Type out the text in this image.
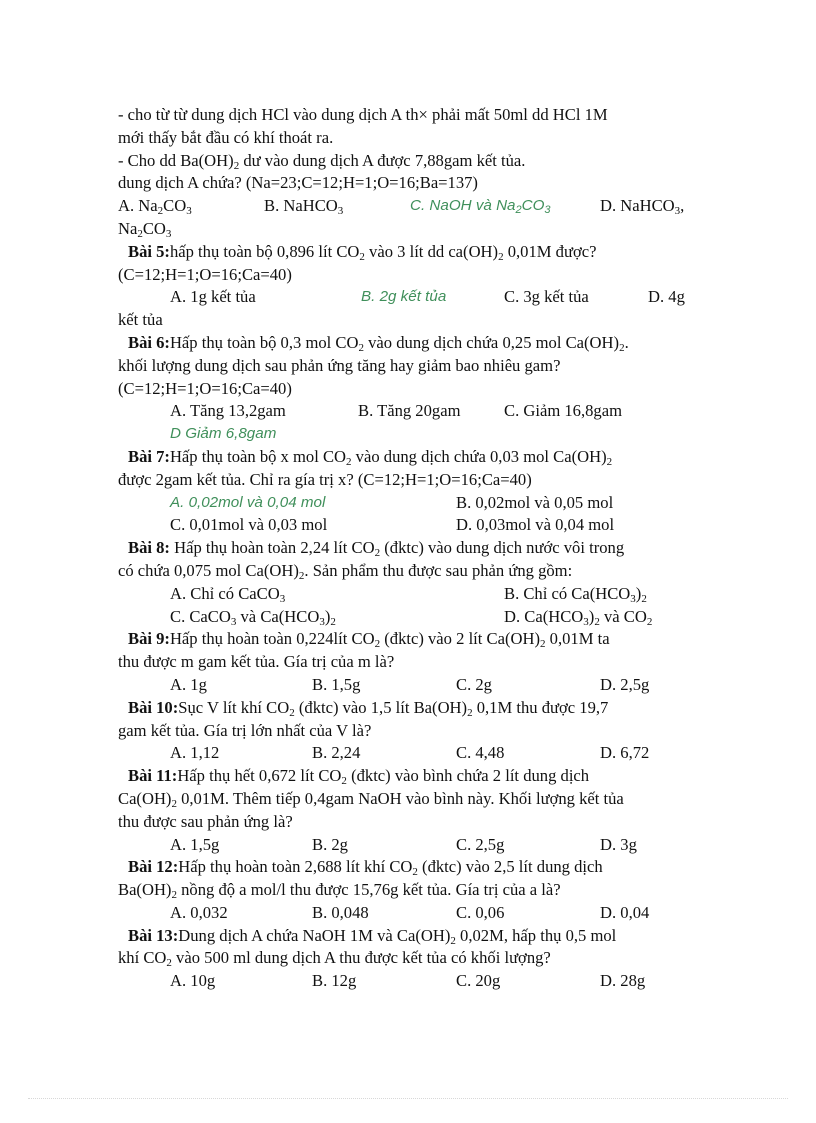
- cho từ từ dung dịch HCl vào dung dịch A th× phải mất 50ml dd HCl 1M
mới thấy bắt đầu có khí thoát ra.
- Cho dd $Ba(OH)_2$ dư vào dung dịch A được 7,88gam kết tủa.
dung dịch A chứa? (Na=23;C=12;H=1;O=16;Ba=137)
A. $Na_2CO_3$	B. NaHCO$_3$	C. NaOH và $Na_2CO_3$	D. NaHCO$_3$,
$Na_2CO_3$
Bài 5:hấp thụ toàn bộ 0,896 lít $CO_2$ vào 3 lít dd $ca(OH)_2$ 0,01M được?
(C=12;H=1;O=16;Ca=40)
A. 1g kết tủa	B. 2g kết tủa	C. 3g kết tủa	D. 4g
kết tủa
Bài 6:Hấp thụ toàn bộ 0,3 mol $CO_2$ vào dung dịch chứa 0,25 mol $Ca(OH)_2$.
khối lượng dung dịch sau phản ứng tăng hay giảm bao nhiêu gam?
(C=12;H=1;O=16;Ca=40)
A. Tăng 13,2gam	B. Tăng 20gam	C. Giảm 16,8gam
D Giảm 6,8gam
Bài 7:Hấp thụ toàn bộ x mol $CO_2$ vào dung dịch chứa 0,03 mol $Ca(OH)_2$
được 2gam kết tủa. Chỉ ra gía trị x? (C=12;H=1;O=16;Ca=40)
A. 0,02mol và 0,04 mol	B. 0,02mol và 0,05 mol
C. 0,01mol và 0,03 mol	D. 0,03mol và 0,04 mol
Bài 8: Hấp thụ hoàn toàn 2,24 lít $CO_2$ (đktc) vào dung dịch nước vôi trong
có chứa 0,075 mol $Ca(OH)_2$. Sản phẩm thu được sau phản ứng gồm:
A. Chỉ có CaCO$_3$	B. Chỉ có $Ca(HCO_3)_2$
C. CaCO$_3$ và $Ca(HCO_3)_2$	D. $Ca(HCO_3)_2$ và $CO_2$
Bài 9:Hấp thụ hoàn toàn 0,224lít $CO_2$ (đktc) vào 2 lít $Ca(OH)_2$ 0,01M ta
thu được m gam kết tủa. Gía trị của m là?
A. 1g	B. 1,5g	C. 2g	D. 2,5g
Bài 10:Sục V lít khí $CO_2$ (đktc) vào 1,5 lít $Ba(OH)_2$ 0,1M thu được 19,7
gam kết tủa. Gía trị lớn nhất của V là?
A. 1,12	B. 2,24	C. 4,48	D. 6,72
Bài 11:Hấp thụ hết 0,672 lít $CO_2$ (đktc) vào bình chứa 2 lít dung dịch
$Ca(OH)_2$ 0,01M. Thêm tiếp 0,4gam NaOH vào bình này. Khối lượng kết tủa
thu được sau phản ứng là?
A. 1,5g	B. 2g	C. 2,5g	D. 3g
Bài 12:Hấp thụ hoàn toàn 2,688 lít khí $CO_2$ (đktc) vào 2,5 lít dung dịch
$Ba(OH)_2$ nồng độ a mol/l thu được 15,76g kết tủa. Gía trị của a là?
A. 0,032	B. 0,048	C. 0,06	D. 0,04
Bài 13:Dung dịch A chứa NaOH 1M và $Ca(OH)_2$ 0,02M, hấp thụ 0,5 mol
khí $CO_2$ vào 500 ml dung dịch A thu được kết tủa có khối lượng?
A. 10g	B. 12g	C. 20g	D. 28g
